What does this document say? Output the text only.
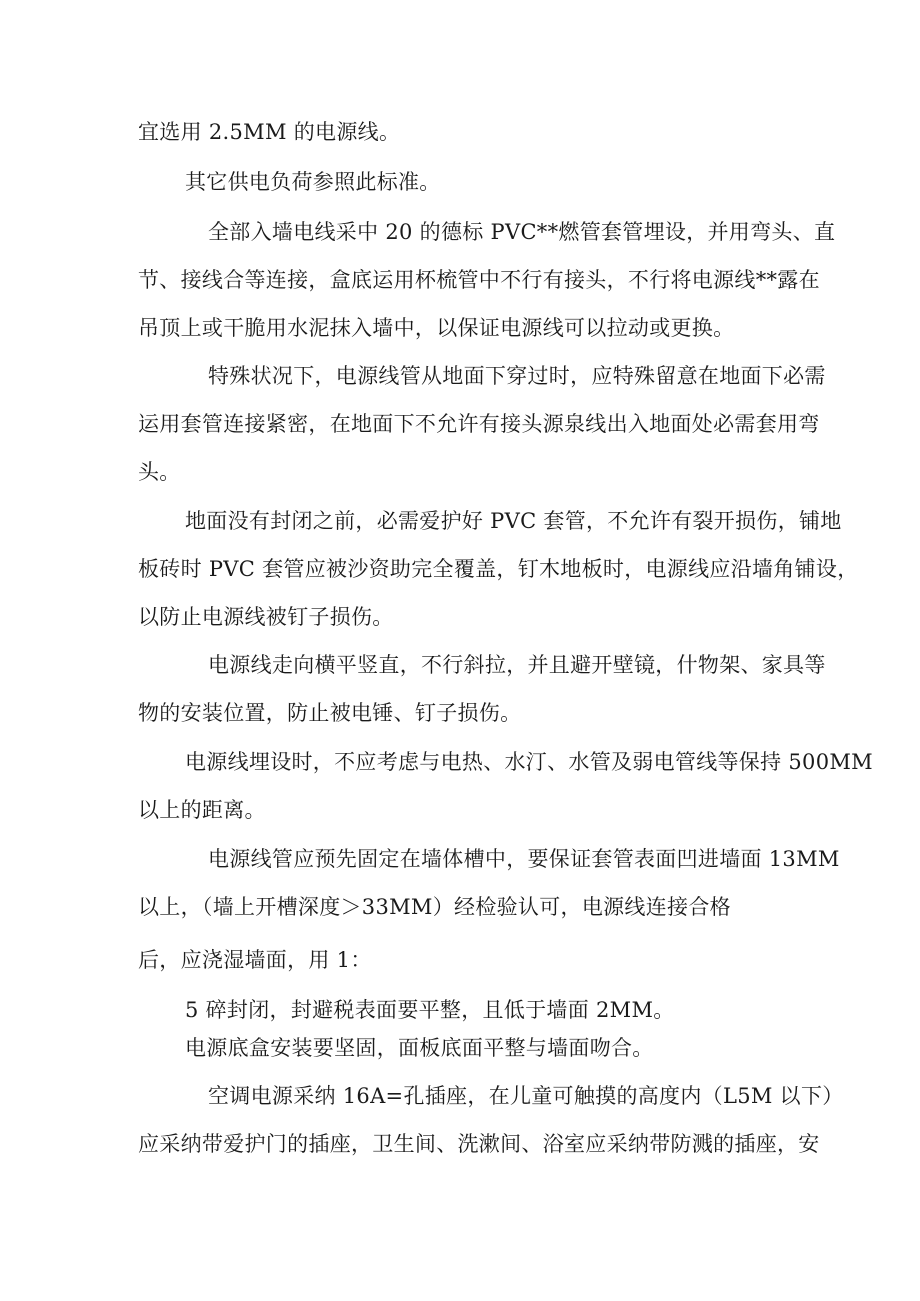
宜选用 2.5MM 的电源线。
其它供电负荷参照此标准。
全部入墙电线采中 20 的德标 PVC**燃管套管埋设，并用弯头、直
节、接线合等连接，盒底运用杯梳管中不行有接头，不行将电源线**露在
吊顶上或干脆用水泥抹入墙中，以保证电源线可以拉动或更换。
特殊状况下，电源线管从地面下穿过时，应特殊留意在地面下必需
运用套管连接紧密，在地面下不允许有接头源泉线出入地面处必需套用弯
头。
地面没有封闭之前，必需爱护好 PVC 套管，不允许有裂开损伤，铺地
板砖时 PVC 套管应被沙资助完全覆盖，钉木地板时，电源线应沿墙角铺设，
以防止电源线被钉子损伤。
电源线走向横平竖直，不行斜拉，并且避开壁镜，什物架、家具等
物的安装位置，防止被电锤、钉子损伤。
电源线埋设时，不应考虑与电热、水汀、水管及弱电管线等保持 500MM
以上的距离。
电源线管应预先固定在墙体槽中，要保证套管表面凹进墙面 13MM
以上，（墙上开槽深度＞33MM）经检验认可，电源线连接合格
后，应浇湿墙面，用 1：
5 碎封闭，封避税表面要平整，且低于墙面 2MM。
电源底盒安装要坚固，面板底面平整与墙面吻合。
空调电源采纳 16A=孔插座，在儿童可触摸的高度内（L5M 以下）
应采纳带爱护门的插座，卫生间、洗漱间、浴室应采纳带防溅的插座，安
